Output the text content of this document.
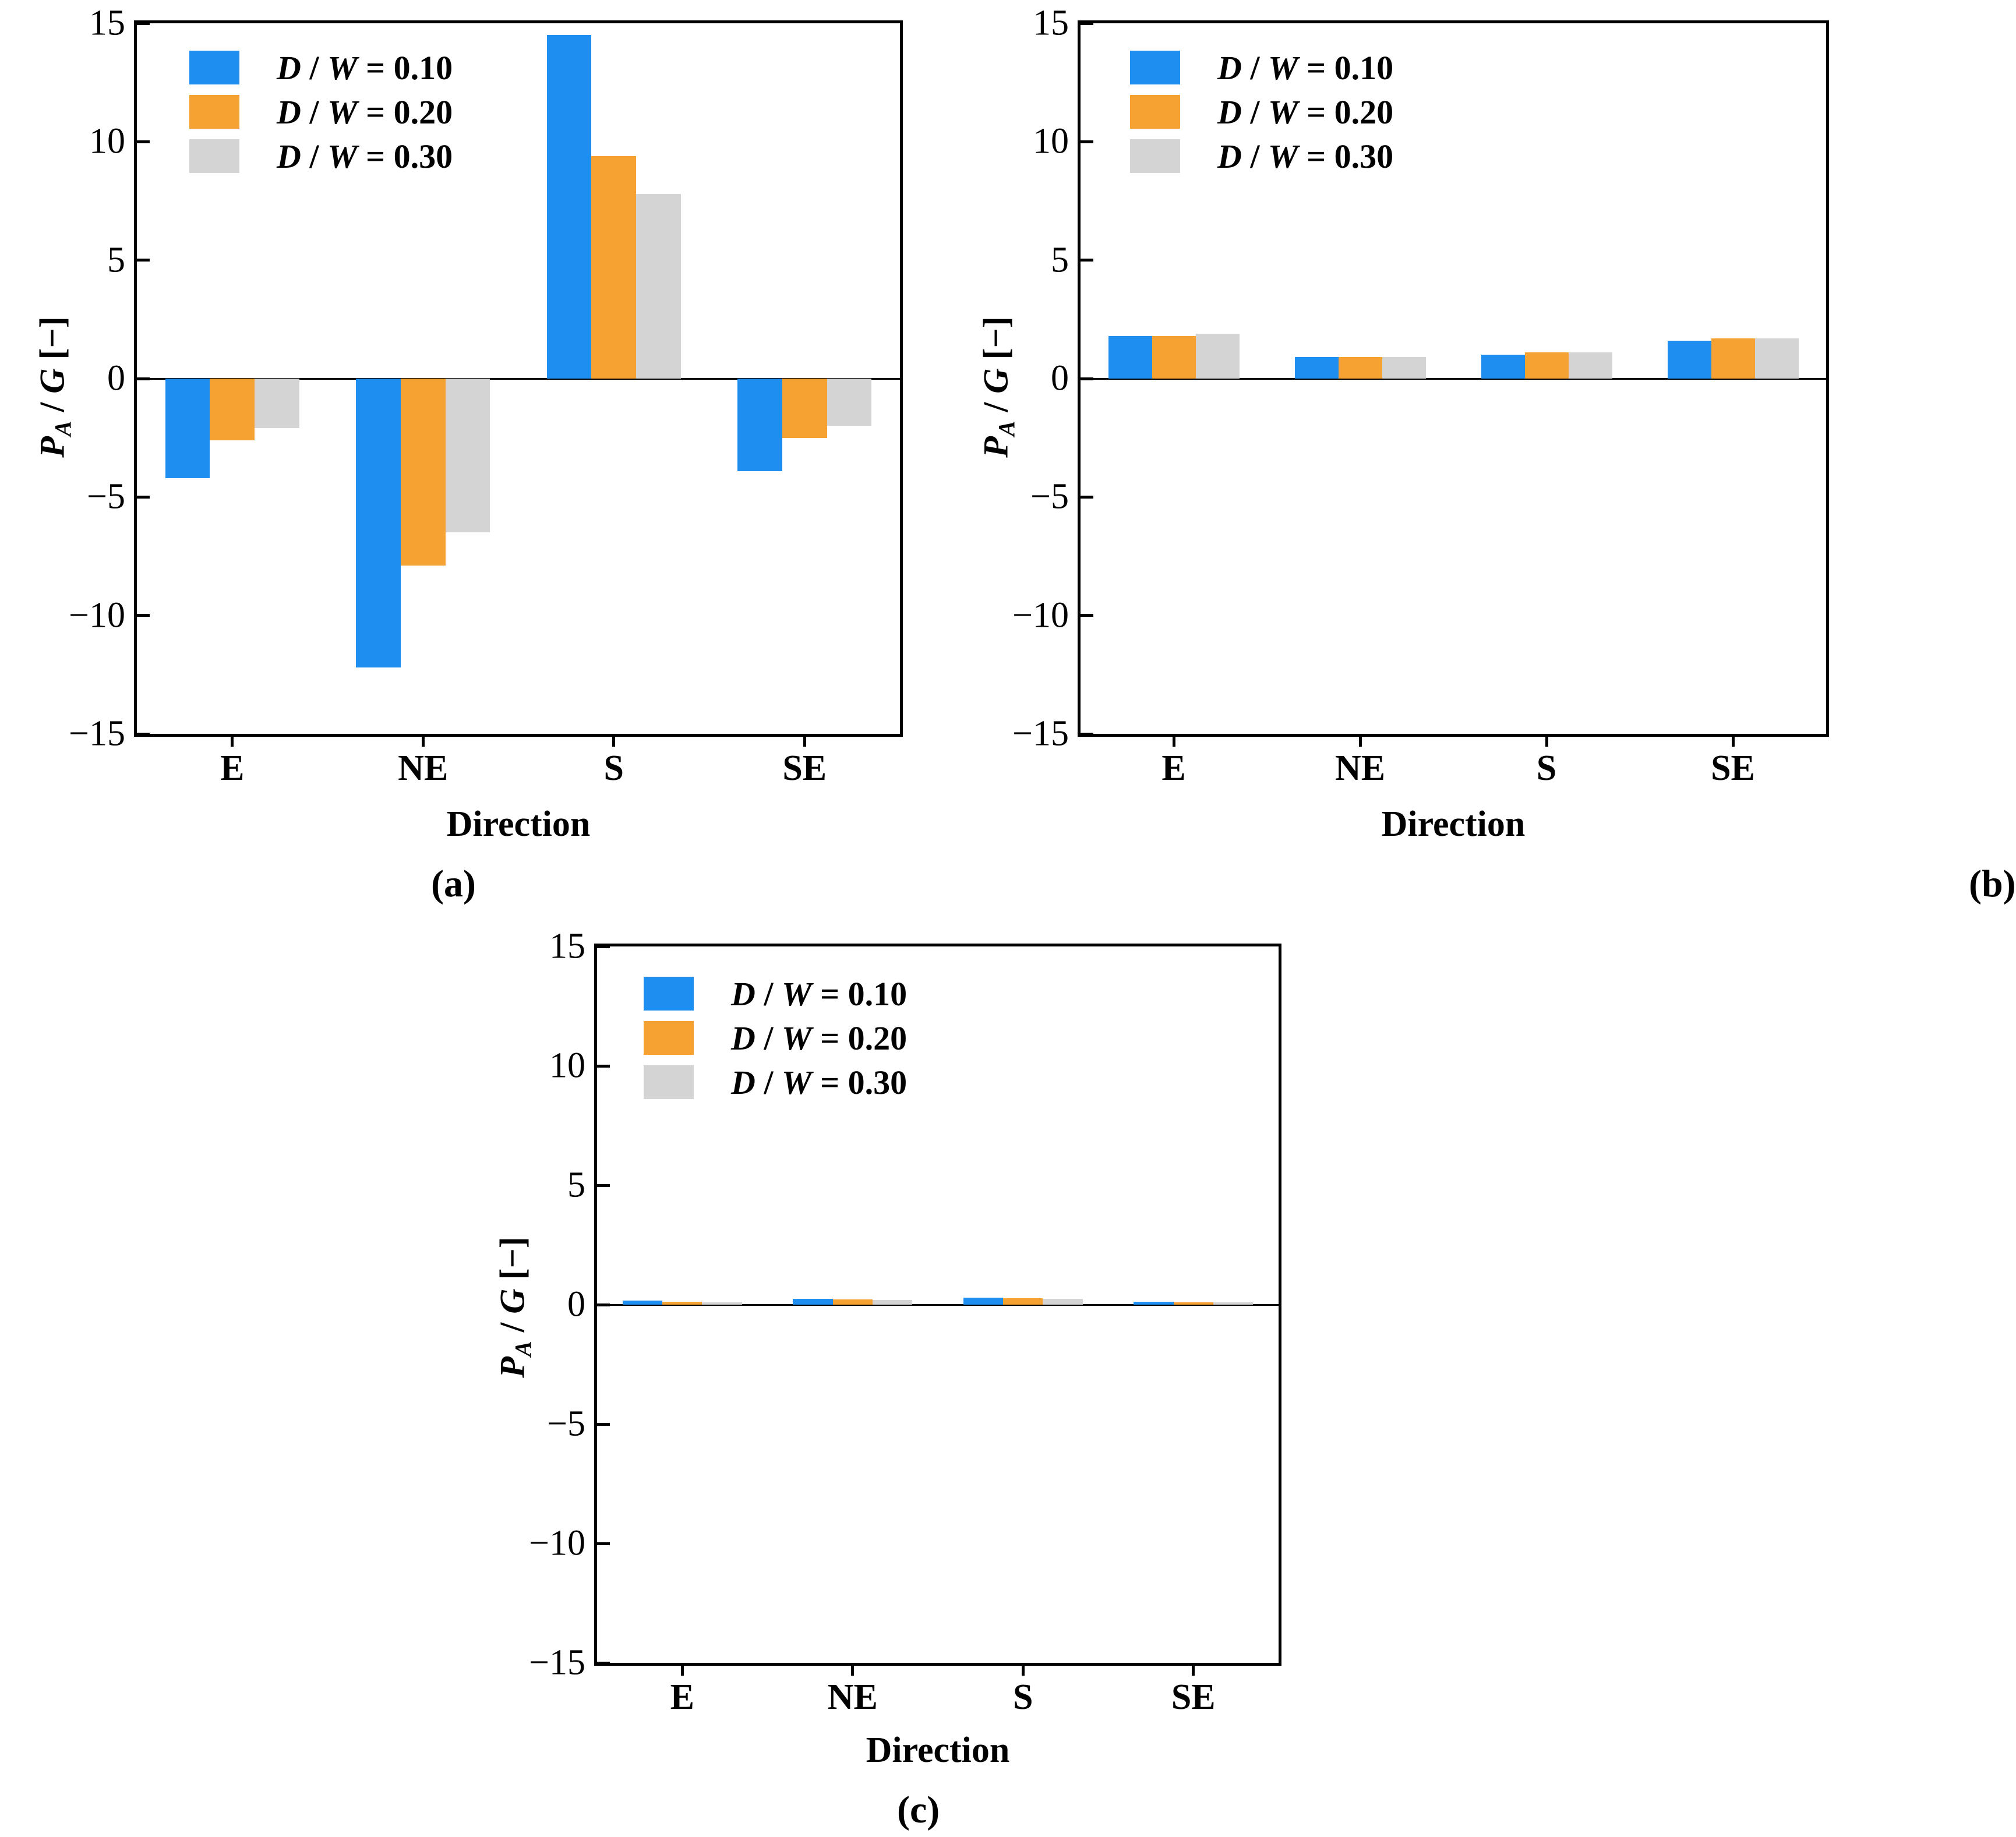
$P_A$ / G [−]
15
10
5
0
−5
−10
−15
E	NE	S	SE
D / W = 0.10
D / W = 0.20
D / W = 0.30
Direction
(a)
$P_A$ / G [−]
15
10
5
0
−5
−10
−15
E	NE	S	SE
D / W = 0.10
D / W = 0.20
D / W = 0.30
Direction
(b)
$P_A$ / G [−]
15
10
5
0
−5
−10
−15
E	NE	S	SE
D / W = 0.10
D / W = 0.20
D / W = 0.30
Direction
(c)
